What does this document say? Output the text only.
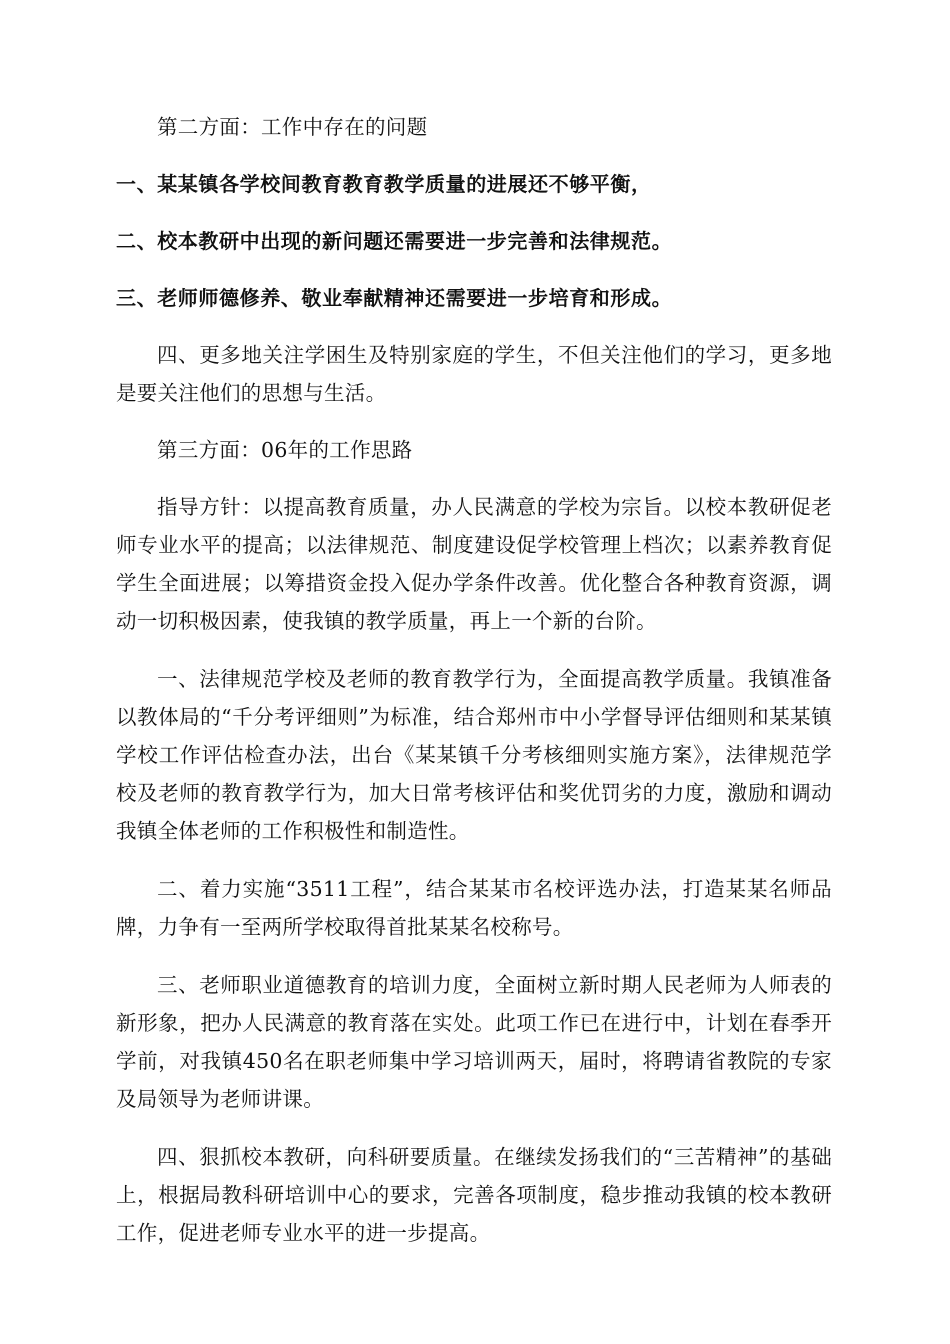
第二方面：工作中存在的问题

一、某某镇各学校间教育教育教学质量的进展还不够平衡，

二、校本教研中出现的新问题还需要进一步完善和法律规范。

三、老师师德修养、敬业奉献精神还需要进一步培育和形成。

四、更多地关注学困生及特别家庭的学生，不但关注他们的学习，更多地是要关注他们的思想与生活。

第三方面：06年的工作思路

指导方针：以提高教育质量，办人民满意的学校为宗旨。以校本教研促老师专业水平的提高；以法律规范、制度建设促学校管理上档次；以素养教育促学生全面进展；以筹措资金投入促办学条件改善。优化整合各种教育资源，调动一切积极因素，使我镇的教学质量，再上一个新的台阶。

一、法律规范学校及老师的教育教学行为，全面提高教学质量。我镇准备以教体局的“千分考评细则”为标准，结合郑州市中小学督导评估细则和某某镇学校工作评估检查办法，出台《某某镇千分考核细则实施方案》，法律规范学校及老师的教育教学行为，加大日常考核评估和奖优罚劣的力度，激励和调动我镇全体老师的工作积极性和制造性。

二、着力实施“3511工程”，结合某某市名校评选办法，打造某某名师品牌，力争有一至两所学校取得首批某某名校称号。

三、老师职业道德教育的培训力度，全面树立新时期人民老师为人师表的新形象，把办人民满意的教育落在实处。此项工作已在进行中，计划在春季开学前，对我镇450名在职老师集中学习培训两天，届时，将聘请省教院的专家及局领导为老师讲课。

四、狠抓校本教研，向科研要质量。在继续发扬我们的“三苦精神”的基础上，根据局教科研培训中心的要求，完善各项制度，稳步推动我镇的校本教研工作，促进老师专业水平的进一步提高。
